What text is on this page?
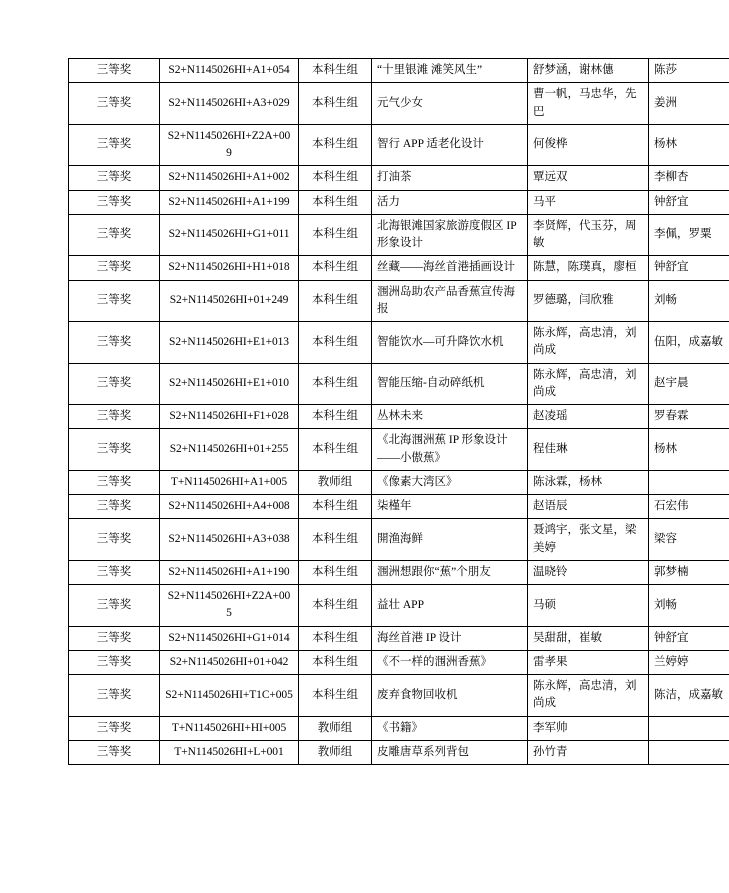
三等奖	S2+N1145026HI+A1+054	本科生组	“十里银滩 滩笑风生”	舒梦涵，谢林僡	陈莎
三等奖	S2+N1145026HI+A3+029	本科生组	元气少女	曹一帆，马忠华，先巴	姜洲
三等奖	S2+N1145026HI+Z2A+009	本科生组	智行 APP 适老化设计	何俊桦	杨林
三等奖	S2+N1145026HI+A1+002	本科生组	打油茶	覃远双	李柳杏
三等奖	S2+N1145026HI+A1+199	本科生组	活力	马平	钟舒宜
三等奖	S2+N1145026HI+G1+011	本科生组	北海银滩国家旅游度假区 IP 形象设计	李贤辉，代玉芬，周敏	李佩，罗粟
三等奖	S2+N1145026HI+H1+018	本科生组	丝藏——海丝首港插画设计	陈慧，陈璞真，廖桓	钟舒宜
三等奖	S2+N1145026HI+01+249	本科生组	涠洲岛助农产品香蕉宣传海报	罗德璐，闫欣雅	刘畅
三等奖	S2+N1145026HI+E1+013	本科生组	智能饮水—可升降饮水机	陈永辉，高忠清，刘尚成	伍阳，成嘉敏
三等奖	S2+N1145026HI+E1+010	本科生组	智能压缩-自动碎纸机	陈永辉，高忠清，刘尚成	赵宇晨
三等奖	S2+N1145026HI+F1+028	本科生组	丛林未来	赵凌瑶	罗春霖
三等奖	S2+N1145026HI+01+255	本科生组	《北海涠洲蕉 IP 形象设计――小傲蕉》	程佳琳	杨林
三等奖	T+N1145026HI+A1+005	教师组	《像素大湾区》	陈泳霖，杨林	
三等奖	S2+N1145026HI+A4+008	本科生组	柒槿年	赵语辰	石宏伟
三等奖	S2+N1145026HI+A3+038	本科生组	開渔海鲜	聂鸿宇，张文星，梁美婷	梁容
三等奖	S2+N1145026HI+A1+190	本科生组	涠洲想跟你“蕉”个朋友	温晓铃	郭梦楠
三等奖	S2+N1145026HI+Z2A+005	本科生组	益壮 APP	马硕	刘畅
三等奖	S2+N1145026HI+G1+014	本科生组	海丝首港 IP 设计	吴甜甜，崔敏	钟舒宜
三等奖	S2+N1145026HI+01+042	本科生组	《不一样的涠洲香蕉》	雷孝果	兰婷婷
三等奖	S2+N1145026HI+T1C+005	本科生组	废弃食物回收机	陈永辉，高忠清，刘尚成	陈洁，成嘉敏
三等奖	T+N1145026HI+HI+005	教师组	《书籍》	李军帅	
三等奖	T+N1145026HI+L+001	教师组	皮雕唐草系列背包	孙竹青	
